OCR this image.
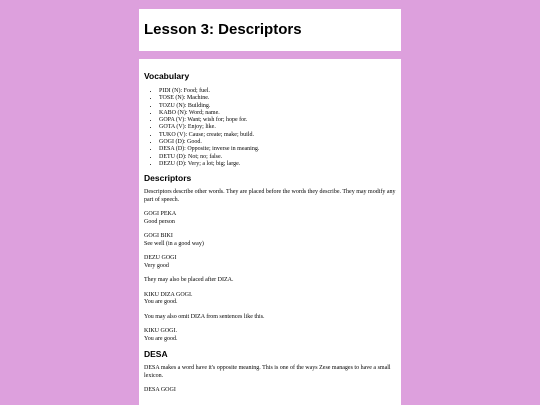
Lesson 3: Descriptors
Vocabulary
• PIDI (N): Food; fuel.
• TOSE (N): Machine.
• TOZU (N): Building.
• KABO (N): Word; name.
• GOPA (V): Want; wish for; hope for.
• GOTA (V): Enjoy; like.
• TUKO (V): Cause; create; make; build.
• GOGI (D): Good.
• DESA (D): Opposite; inverse in meaning.
• DETU (D): Not; no; false.
• DEZU (D): Very; a lot; big; large.
Descriptors

Descriptors describe other words. They are placed before the words they describe. They may modify any part of speech.

GOGI PEKA
Good person
GOGI BIKI
See well (in a good way)
DEZU GOGI
Very good

They may also be placed after DIZA.

KIKU DIZA GOGI.
You are good.

You may also omit DIZA from sentences like this.

KIKU GOGI.
You are good.
DESA

DESA makes a word have it's opposite meaning. This is one of the ways Zese manages to have a small lexicon.

DESA GOGI
